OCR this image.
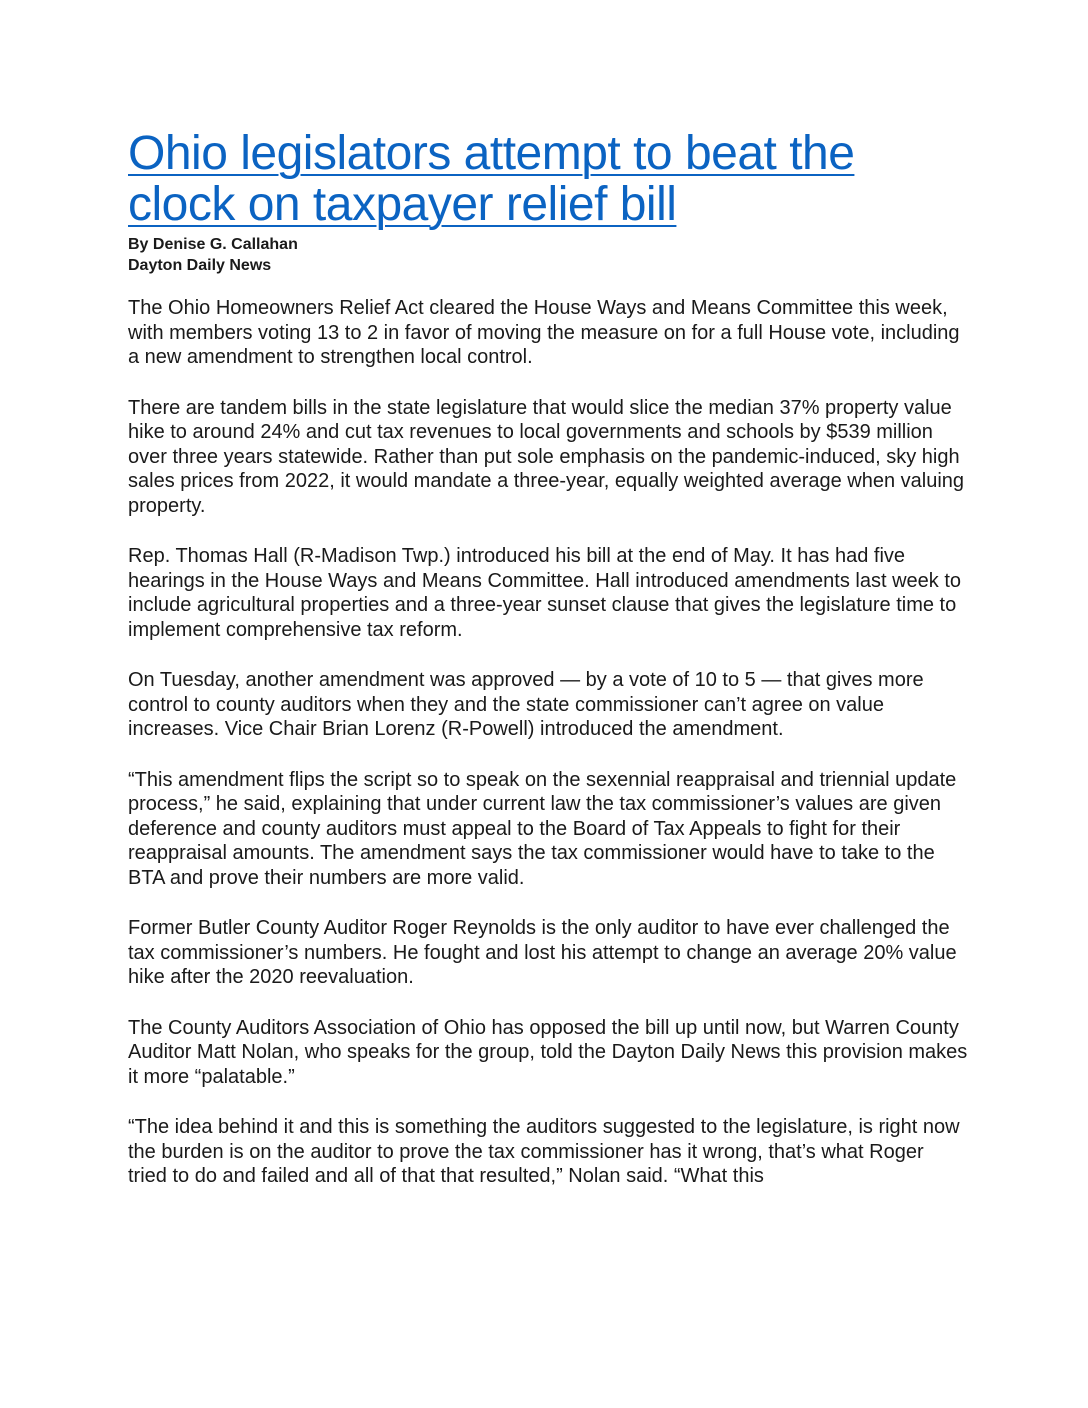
Ohio legislators attempt to beat the clock on taxpayer relief bill
By Denise G. Callahan
Dayton Daily News

The Ohio Homeowners Relief Act cleared the House Ways and Means Committee this week, with members voting 13 to 2 in favor of moving the measure on for a full House vote, including a new amendment to strengthen local control.

There are tandem bills in the state legislature that would slice the median 37% property value hike to around 24% and cut tax revenues to local governments and schools by $539 million over three years statewide. Rather than put sole emphasis on the pandemic-induced, sky high sales prices from 2022, it would mandate a three-year, equally weighted average when valuing property.

Rep. Thomas Hall (R-Madison Twp.) introduced his bill at the end of May. It has had five hearings in the House Ways and Means Committee. Hall introduced amendments last week to include agricultural properties and a three-year sunset clause that gives the legislature time to implement comprehensive tax reform.

On Tuesday, another amendment was approved — by a vote of 10 to 5 — that gives more control to county auditors when they and the state commissioner can’t agree on value increases. Vice Chair Brian Lorenz (R-Powell) introduced the amendment.

“This amendment flips the script so to speak on the sexennial reappraisal and triennial update process,” he said, explaining that under current law the tax commissioner’s values are given deference and county auditors must appeal to the Board of Tax Appeals to fight for their reappraisal amounts. The amendment says the tax commissioner would have to take to the BTA and prove their numbers are more valid.

Former Butler County Auditor Roger Reynolds is the only auditor to have ever challenged the tax commissioner’s numbers. He fought and lost his attempt to change an average 20% value hike after the 2020 reevaluation.

The County Auditors Association of Ohio has opposed the bill up until now, but Warren County Auditor Matt Nolan, who speaks for the group, told the Dayton Daily News this provision makes it more “palatable.”

“The idea behind it and this is something the auditors suggested to the legislature, is right now the burden is on the auditor to prove the tax commissioner has it wrong, that’s what Roger tried to do and failed and all of that that resulted,” Nolan said. “What this
